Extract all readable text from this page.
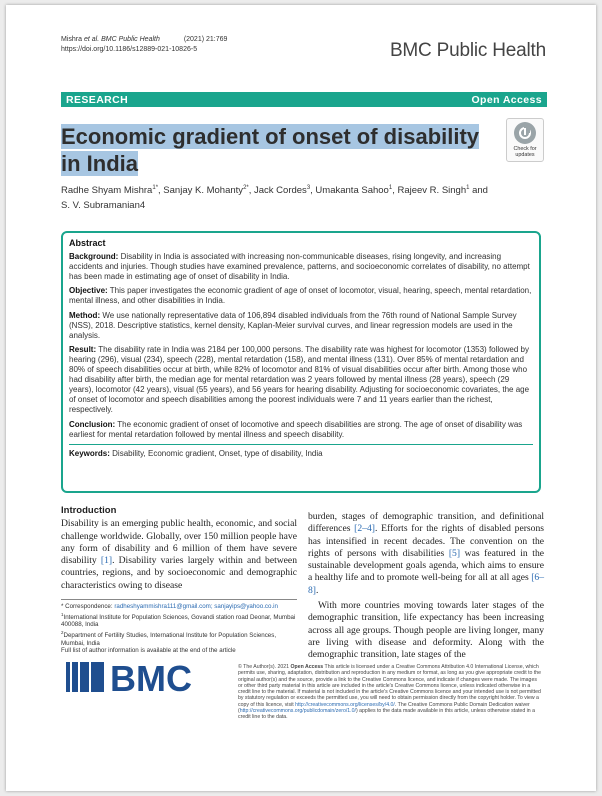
Mishra et al. BMC Public Health	(2021) 21:769
https://doi.org/10.1186/s12889-021-10826-5	BMC Public Health
RESEARCH	Open Access
Economic gradient of onset of disability in India
Check for updates
Radhe Shyam Mishra$^{1*}$, Sanjay K. Mohanty$^{2*}$, Jack Cordes$^3$, Umakanta Sahoo$^1$, Rajeev R. Singh$^1$ and
S. V. Subramanian4
Abstract

Background: Disability in India is associated with increasing non-communicable diseases, rising longevity, and increasing accidents and injuries. Though studies have examined prevalence, patterns, and socioeconomic correlates of disability, no attempt has been made in estimating age of onset of disability in India.

Objective: This paper investigates the economic gradient of age of onset of locomotor, visual, hearing, speech, mental retardation, mental illness, and other disabilities in India.

Method: We use nationally representative data of 106,894 disabled individuals from the 76th round of National Sample Survey (NSS), 2018. Descriptive statistics, kernel density, Kaplan-Meier survival curves, and linear regression models are used in the analysis.

Result: The disability rate in India was 2184 per 100,000 persons. The disability rate was highest for locomotor (1353) followed by hearing (296), visual (234), speech (228), mental retardation (158), and mental illness (131). Over 85% of mental retardation and 80% of speech disabilities occur at birth, while 82% of locomotor and 81% of visual disabilities occur after birth. Among those who had disability after birth, the median age for mental retardation was 2 years followed by mental illness (28 years), speech (29 years), locomotor (42 years), visual (55 years), and 56 years for hearing disability. Adjusting for socioeconomic covariates, the age of onset of locomotor and speech disabilities among the poorest individuals were 7 and 11 years earlier than the richest, respectively.

Conclusion: The economic gradient of onset of locomotive and speech disabilities are strong. The age of onset of disability was earliest for mental retardation followed by mental illness and speech disability.

Keywords: Disability, Economic gradient, Onset, type of disability, India

Introduction

Disability is an emerging public health, economic, and social challenge worldwide. Globally, over 150 million people have any form of disability and 6 million of them have severe disability [1]. Disability varies largely within and between countries, regions, and by socioeconomic and demographic characteristics owing to disease

burden, stages of demographic transition, and definitional differences [2–4]. Efforts for the rights of disabled persons has intensified in recent decades. The convention on the rights of persons with disabilities [5] was featured in the sustainable development goals agenda, which aims to ensure a healthy life and to promote well-being for all at all ages [6–8].

With more countries moving towards later stages of the demographic transition, life expectancy has been increasing across all age groups. Though people are living longer, many are living with disease and deformity. Along with the demographic transition, late stages of the

* Correspondence: radheshyammishra111@gmail.com; sanjayips@yahoo.co.in
$^1$International Institute for Population Sciences, Govandi station road Deonar, Mumbai 400088, India
$^2$Department of Fertility Studies, International Institute for Population Sciences, Mumbai, India
Full list of author information is available at the end of the article
BMC	© The Author(s). 2021 Open Access This article is licensed under a Creative Commons Attribution 4.0 International License, which permits use, sharing, adaptation, distribution and reproduction in any medium or format, as long as you give appropriate credit to the original author(s) and the source, provide a link to the Creative Commons licence, and indicate if changes were made. The images or other third party material in this article are included in the article's Creative Commons licence, unless indicated otherwise in a credit line to the material. If material is not included in the article's Creative Commons licence and your intended use is not permitted by statutory regulation or exceeds the permitted use, you will need to obtain permission directly from the copyright holder. To view a copy of this licence, visit http://creativecommons.org/licenses/by/4.0/. The Creative Commons Public Domain Dedication waiver (http://creativecommons.org/publicdomain/zero/1.0/) applies to the data made available in this article, unless otherwise stated in a credit line to the data.
